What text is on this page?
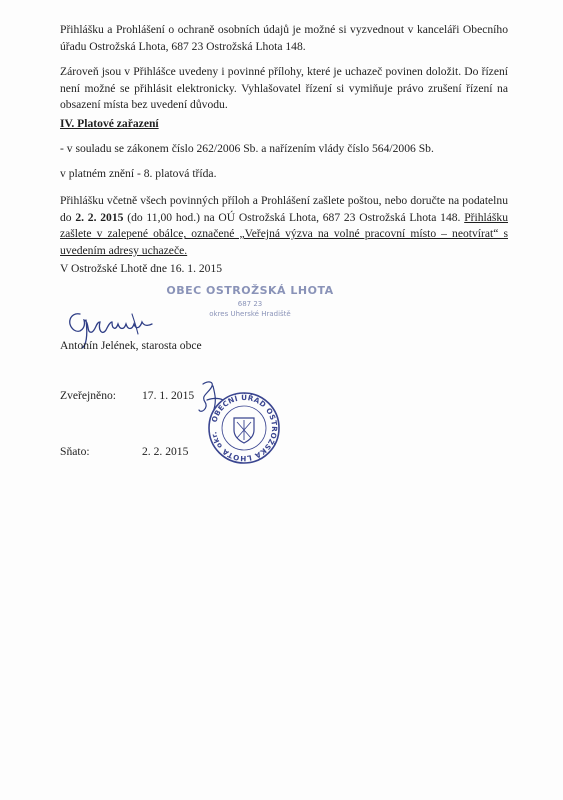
Přihlášku a Prohlášení o ochraně osobních údajů je možné si vyzvednout v kanceláři Obecního úřadu Ostrožská Lhota, 687 23 Ostrožská Lhota 148.

Zároveň jsou v Přihlášce uvedeny i povinné přílohy, které je uchazeč povinen doložit. Do řízení není možné se přihlásit elektronicky. Vyhlašovatel řízení si vymiňuje právo zrušení řízení na obsazení místa bez uvedení důvodu.

IV. Platové zařazení

- v souladu se zákonem číslo 262/2006 Sb. a nařízením vlády číslo 564/2006 Sb.

v platném znění - 8. platová třída.

Přihlášku včetně všech povinných příloh a Prohlášení zašlete poštou, nebo doručte na podatelnu do 2. 2. 2015 (do 11,00 hod.) na OÚ Ostrožská Lhota, 687 23 Ostrožská Lhota 148. Přihlášku zašlete v zalepené obálce, označené „Veřejná výzva na volné pracovní místo – neotvírat“ s uvedením adresy uchazeče.

V Ostrožské Lhotě dne 16. 1. 2015

OBEC OSTROŽSKÁ LHOTA

687 23

okres Uherské Hradiště

Antonín Jelének, starosta obce

Zveřejněno: 17. 1. 2015

Sňato:	2. 2. 2015

OBECNÍ ÚŘAD OSTROŽSKÁ LHOTA okr. Uh. Hradiště
